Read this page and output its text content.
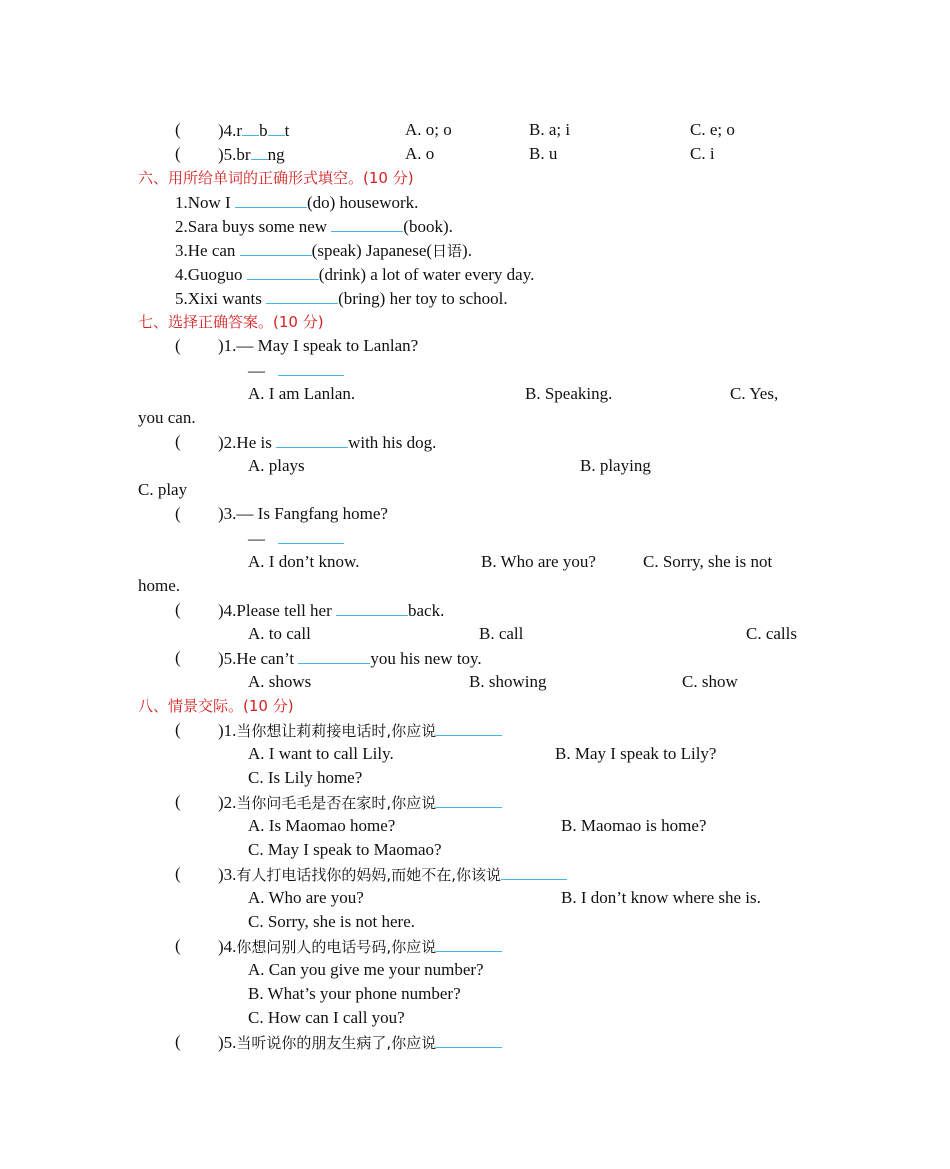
( )4.r b t	A. o; o	B. a; i	C. e; o
( )5.br ng	A. o	B. u	C. i
六、用所给单词的正确形式填空。(10 分)
1.Now I	(do) housework.
2.Sara buys some new	(book).
3.He can	(speak) Japanese(日语).
4.Guoguo	(drink) a lot of water every day.
5.Xixi wants	(bring) her toy to school.
七、选择正确答案。(10 分)
( )1.— May I speak to Lanlan?
—
A. I am Lanlan.	B. Speaking.	C. Yes,
you can.
( )2.He is	with his dog.
A. plays	B. playing
C. play
( )3.— Is Fangfang home?
—
A. I don’t know.	B. Who are you?	C. Sorry, she is not
home.
( )4.Please tell her	back.
A. to call	B. call	C. calls
( )5.He can’t	you his new toy.
A. shows	B. showing	C. show
八、情景交际。(10 分)
( )1.当你想让莉莉接电话时,你应说
A. I want to call Lily.	B. May I speak to Lily?
C. Is Lily home?
( )2.当你问毛毛是否在家时,你应说
A. Is Maomao home?	B. Maomao is home?
C. May I speak to Maomao?
( )3.有人打电话找你的妈妈,而她不在,你该说
A. Who are you?	B. I don’t know where she is.
C. Sorry, she is not here.
( )4.你想问别人的电话号码,你应说
A. Can you give me your number?
B. What’s your phone number?
C. How can I call you?
( )5.当听说你的朋友生病了,你应说
